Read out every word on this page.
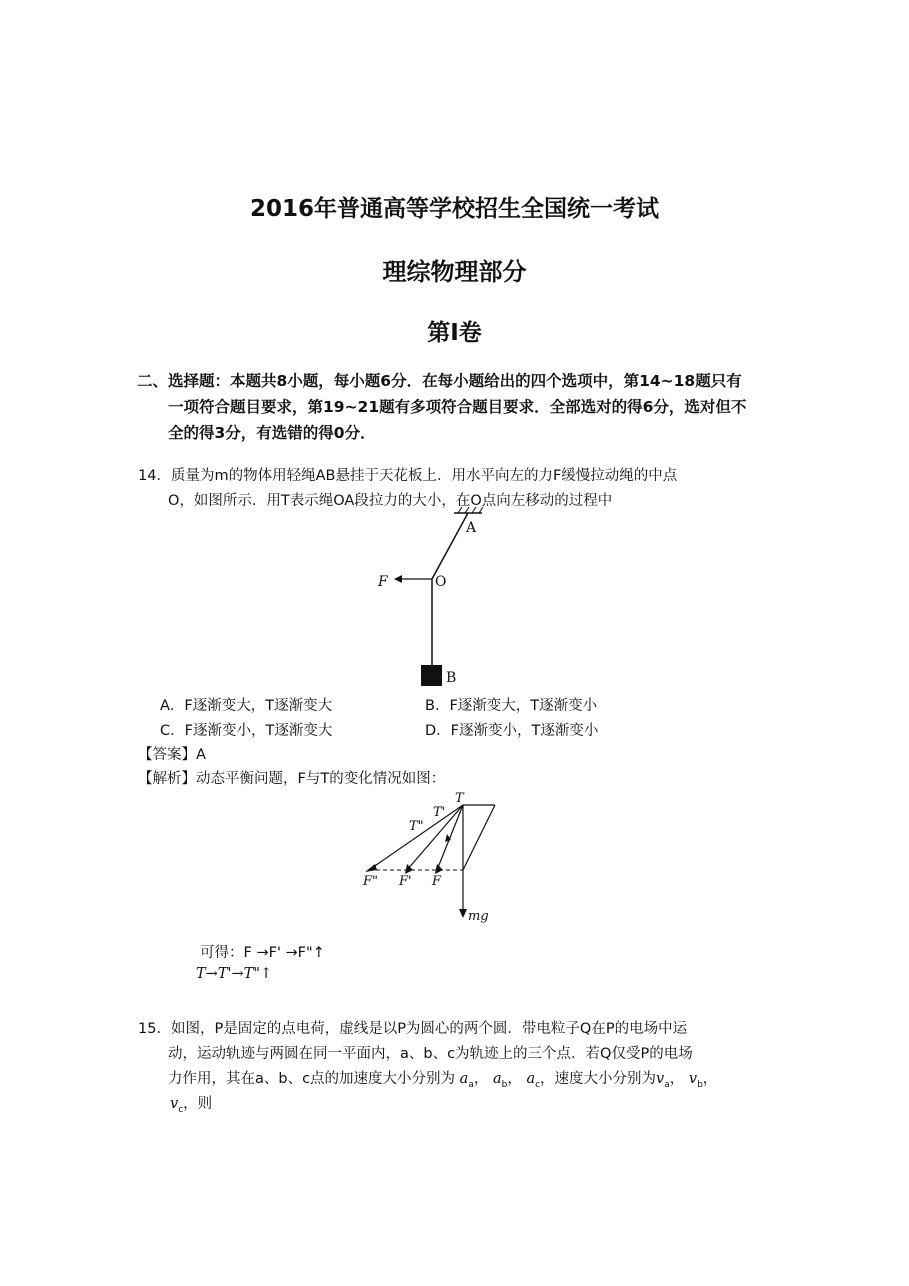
2016年普通高等学校招生全国统一考试
理综物理部分
第I卷
二、选择题：本题共8小题，每小题6分．在每小题给出的四个选项中，第14~18题只有
一项符合题目要求，第19~21题有多项符合题目要求．全部选对的得6分，选对但不
全的得3分，有选错的得0分．
14．质量为m的物体用轻绳AB悬挂于天花板上．用水平向左的力F缓慢拉动绳的中点
O，如图所示．用T表示绳OA段拉力的大小，在O点向左移动的过程中
A
O
F
B
A．F逐渐变大，T逐渐变大	B．F逐渐变大，T逐渐变小
C．F逐渐变小，T逐渐变大	D．F逐渐变小，T逐渐变小
【答案】A
【解析】动态平衡问题，F与T的变化情况如图：
T
T'
T"
F" F' F
mg
可得：F →F' →F"↑
T→T'→T"↑
15．如图，P是固定的点电荷，虚线是以P为圆心的两个圆．带电粒子Q在P的电场中运
动，运动轨迹与两圆在同一平面内，a、b、c为轨迹上的三个点．若Q仅受P的电场
力作用，其在a、b、c点的加速度大小分别为 $a_a$， $a_b$， $a_c$，速度大小分别为$v_a$， $v_b$，
$v_c$，则
